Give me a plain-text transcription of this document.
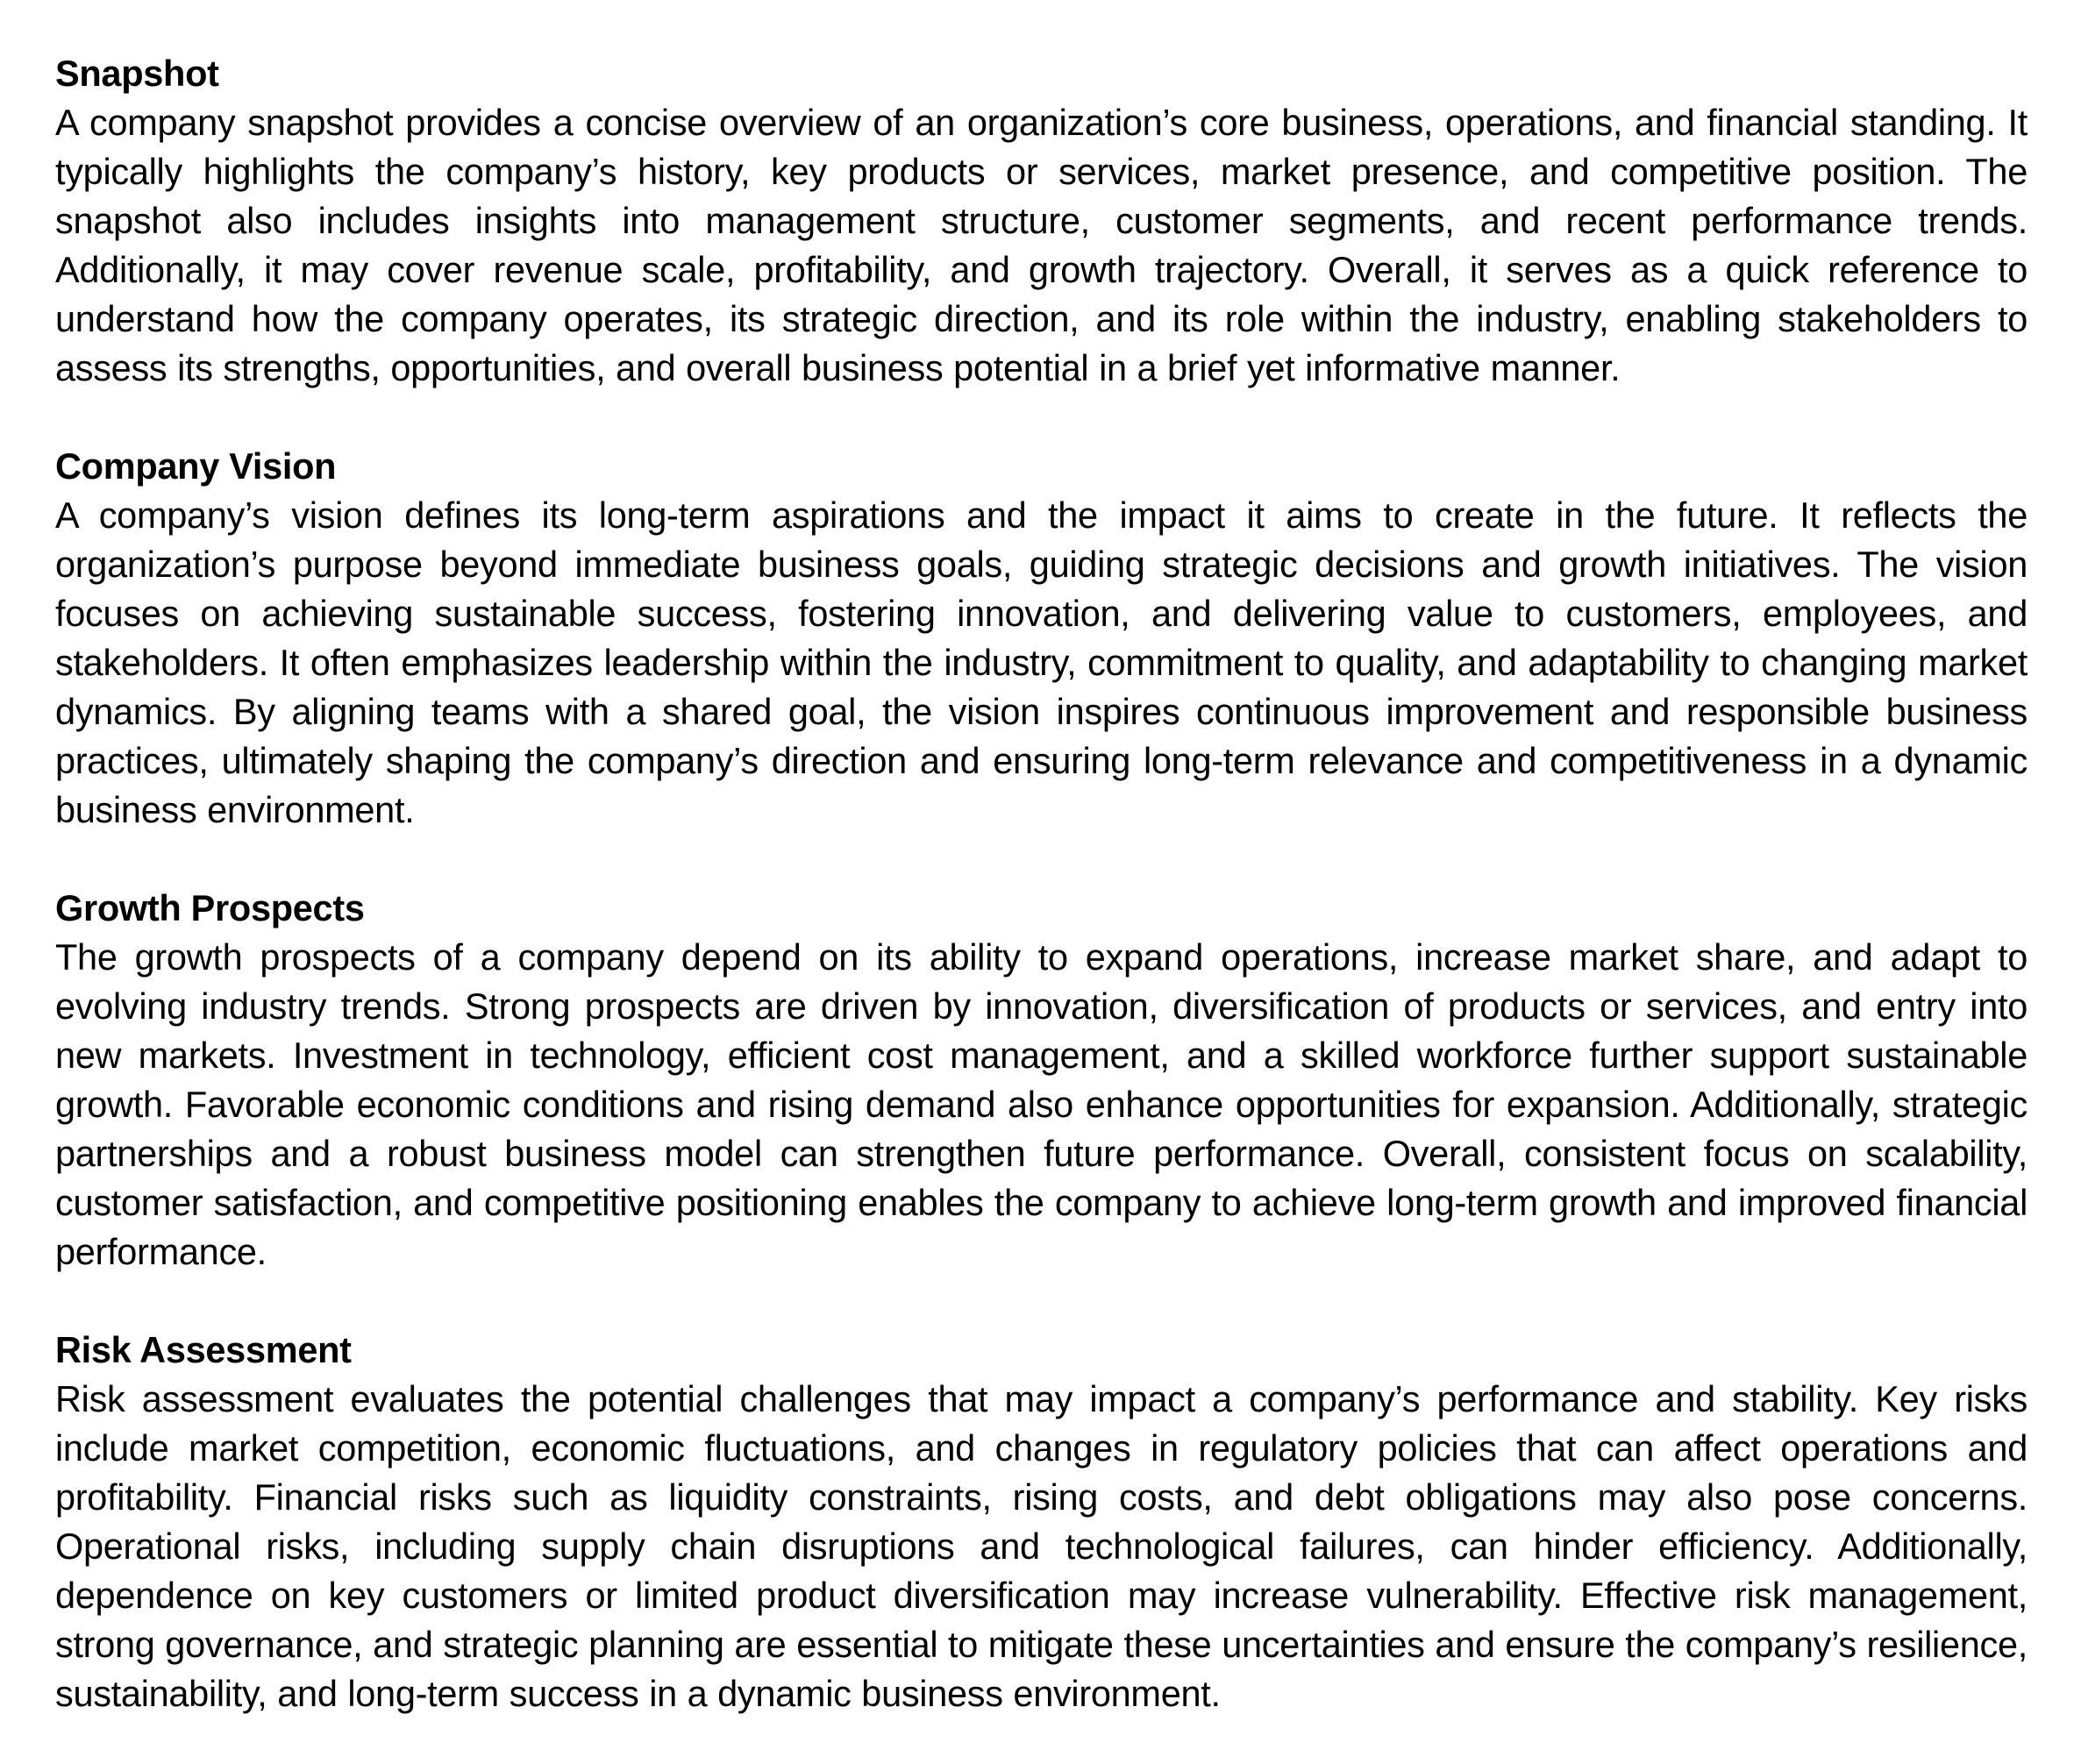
Snapshot

A company snapshot provides a concise overview of an organization’s core business, operations, and financial standing. It typically highlights the company’s history, key products or services, market presence, and competitive position. The snapshot also includes insights into management structure, customer segments, and recent performance trends. Additionally, it may cover revenue scale, profitability, and growth trajectory. Overall, it serves as a quick reference to understand how the company operates, its strategic direction, and its role within the industry, enabling stakeholders to assess its strengths, opportunities, and overall business potential in a brief yet informative manner.

Company Vision

A company’s vision defines its long-term aspirations and the impact it aims to create in the future. It reflects the organization’s purpose beyond immediate business goals, guiding strategic decisions and growth initiatives. The vision focuses on achieving sustainable success, fostering innovation, and delivering value to customers, employees, and stakeholders. It often emphasizes leadership within the industry, commitment to quality, and adaptability to changing market dynamics. By aligning teams with a shared goal, the vision inspires continuous improvement and responsible business practices, ultimately shaping the company’s direction and ensuring long-term relevance and competitiveness in a dynamic business environment.

Growth Prospects

The growth prospects of a company depend on its ability to expand operations, increase market share, and adapt to evolving industry trends. Strong prospects are driven by innovation, diversification of products or services, and entry into new markets. Investment in technology, efficient cost management, and a skilled workforce further support sustainable growth. Favorable economic conditions and rising demand also enhance opportunities for expansion. Additionally, strategic partnerships and a robust business model can strengthen future performance. Overall, consistent focus on scalability, customer satisfaction, and competitive positioning enables the company to achieve long-term growth and improved financial performance.

Risk Assessment

Risk assessment evaluates the potential challenges that may impact a company’s performance and stability. Key risks include market competition, economic fluctuations, and changes in regulatory policies that can affect operations and profitability. Financial risks such as liquidity constraints, rising costs, and debt obligations may also pose concerns. Operational risks, including supply chain disruptions and technological failures, can hinder efficiency. Additionally, dependence on key customers or limited product diversification may increase vulnerability. Effective risk management, strong governance, and strategic planning are essential to mitigate these uncertainties and ensure the company’s resilience, sustainability, and long-term success in a dynamic business environment.
